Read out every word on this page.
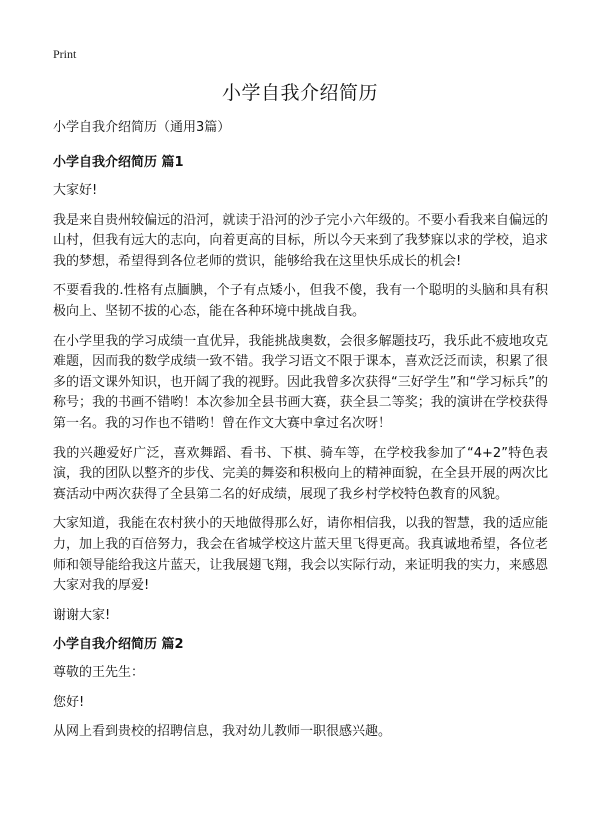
Print
小学自我介绍简历

小学自我介绍简历（通用3篇）

小学自我介绍简历 篇1

大家好!

我是来自贵州较偏远的沿河，就读于沿河的沙子完小六年级的。不要小看我来自偏远的山村，但我有远大的志向，向着更高的目标，所以今天来到了我梦寐以求的学校，追求我的梦想，希望得到各位老师的赏识，能够给我在这里快乐成长的机会!

不要看我的.性格有点腼腆，个子有点矮小，但我不傻，我有一个聪明的头脑和具有积极向上、坚韧不拔的心态，能在各种环境中挑战自我。

在小学里我的学习成绩一直优异，我能挑战奥数，会很多解题技巧，我乐此不疲地攻克难题，因而我的数学成绩一致不错。我学习语文不限于课本，喜欢泛泛而读，积累了很多的语文课外知识，也开阔了我的视野。因此我曾多次获得“三好学生”和“学习标兵”的称号；我的书画不错哟！本次参加全县书画大赛，获全县二等奖；我的演讲在学校获得第一名。我的习作也不错哟！曾在作文大赛中拿过名次呀！

我的兴趣爱好广泛，喜欢舞蹈、看书、下棋、骑车等，在学校我参加了“4+2”特色表演，我的团队以整齐的步伐、完美的舞姿和积极向上的精神面貌，在全县开展的两次比赛活动中两次获得了全县第二名的好成绩，展现了我乡村学校特色教育的风貌。

大家知道，我能在农村狭小的天地做得那么好，请你相信我，以我的智慧，我的适应能力，加上我的百倍努力，我会在省城学校这片蓝天里飞得更高。我真诚地希望，各位老师和领导能给我这片蓝天，让我展翅飞翔，我会以实际行动，来证明我的实力，来感恩大家对我的厚爱!

谢谢大家!

小学自我介绍简历 篇2

尊敬的王先生：

您好!

从网上看到贵校的招聘信息，我对幼儿教师一职很感兴趣。
